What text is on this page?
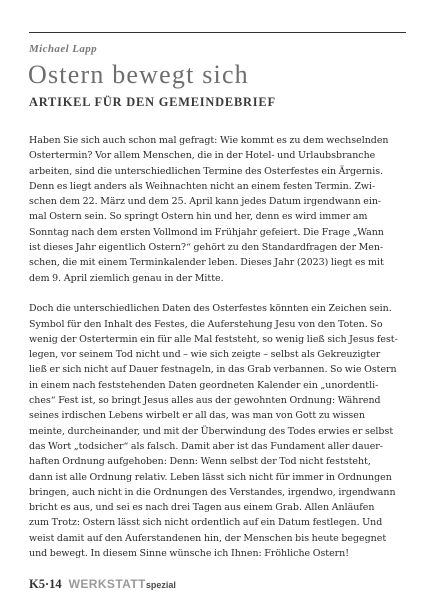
Michael Lapp
Ostern bewegt sich
ARTIKEL FÜR DEN GEMEINDEBRIEF

Haben Sie sich auch schon mal gefragt: Wie kommt es zu dem wechselnden
Ostertermin? Vor allem Menschen, die in der Hotel- und Urlaubsbranche
arbeiten, sind die unterschiedlichen Termine des Osterfestes ein Ärgernis.
Denn es liegt anders als Weihnachten nicht an einem festen Termin. Zwi-
schen dem 22. März und dem 25. April kann jedes Datum irgendwann ein-
mal Ostern sein. So springt Ostern hin und her, denn es wird immer am
Sonntag nach dem ersten Vollmond im Frühjahr gefeiert. Die Frage „Wann
ist dieses Jahr eigentlich Ostern?“ gehört zu den Standardfragen der Men-
schen, die mit einem Terminkalender leben. Dieses Jahr (2023) liegt es mit
dem 9. April ziemlich genau in der Mitte.

Doch die unterschiedlichen Daten des Osterfestes könnten ein Zeichen sein.
Symbol für den Inhalt des Festes, die Auferstehung Jesu von den Toten. So
wenig der Ostertermin ein für alle Mal feststeht, so wenig ließ sich Jesus fest-
legen, vor seinem Tod nicht und – wie sich zeigte – selbst als Gekreuzigter
ließ er sich nicht auf Dauer festnageln, in das Grab verbannen. So wie Ostern
in einem nach feststehenden Daten geordneten Kalender ein „unordentli-
ches“ Fest ist, so bringt Jesus alles aus der gewohnten Ordnung: Während
seines irdischen Lebens wirbelt er all das, was man von Gott zu wissen
meinte, durcheinander, und mit der Überwindung des Todes erwies er selbst
das Wort „todsicher“ als falsch. Damit aber ist das Fundament aller dauer-
haften Ordnung aufgehoben: Denn: Wenn selbst der Tod nicht feststeht,
dann ist alle Ordnung relativ. Leben lässt sich nicht für immer in Ordnungen
bringen, auch nicht in die Ordnungen des Verstandes, irgendwo, irgendwann
bricht es aus, und sei es nach drei Tagen aus einem Grab. Allen Anläufen
zum Trotz: Ostern lässt sich nicht ordentlich auf ein Datum festlegen. Und
weist damit auf den Auferstandenen hin, der Menschen bis heute begegnet
und bewegt. In diesem Sinne wünsche ich Ihnen: Fröhliche Ostern!

K5·14 WERKSTATTspezial
